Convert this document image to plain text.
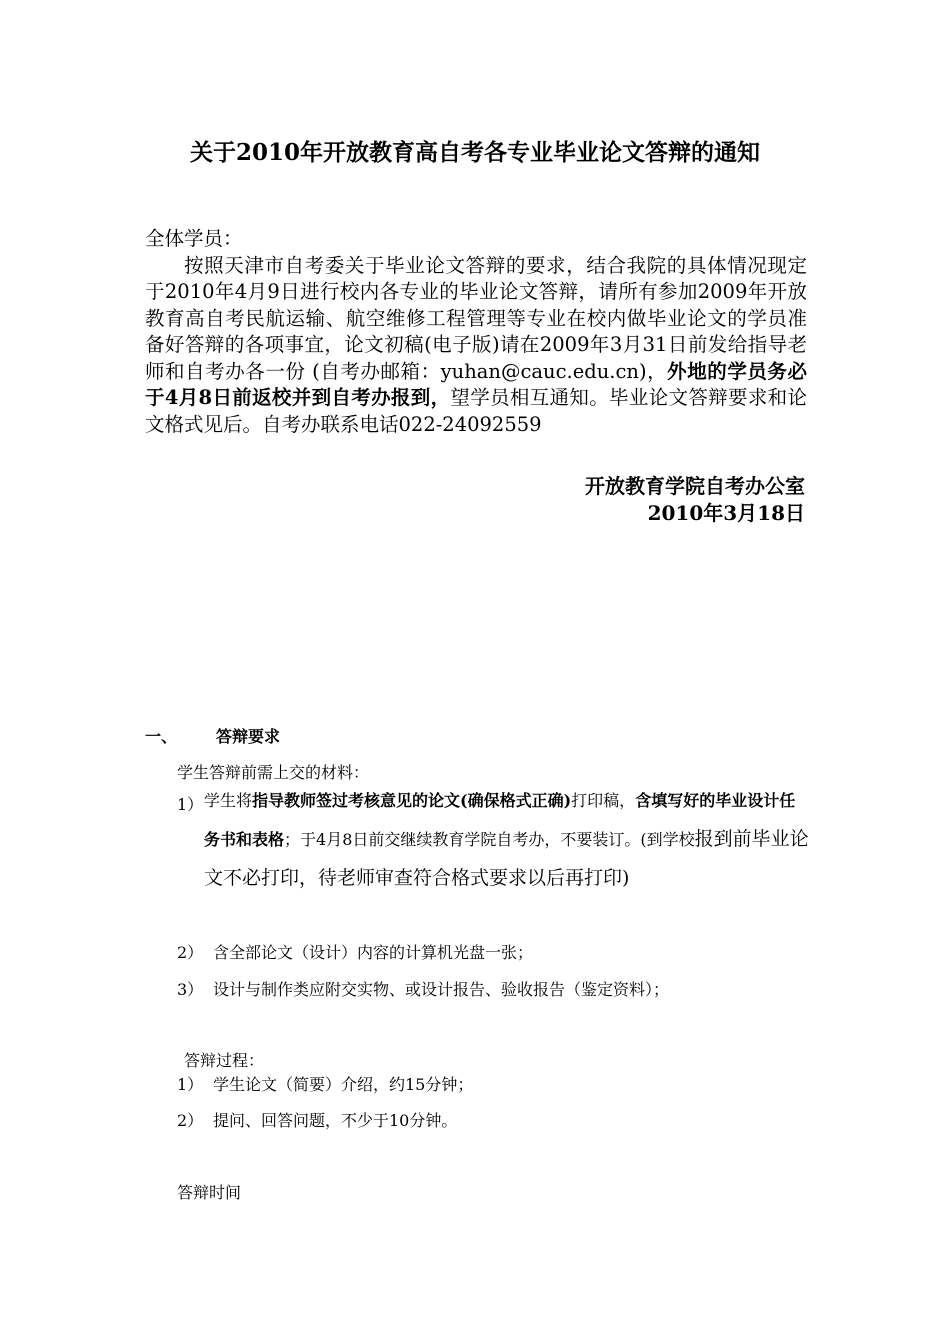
关于2010年开放教育高自考各专业毕业论文答辩的通知

全体学员：

按照天津市自考委关于毕业论文答辩的要求，结合我院的具体情况现定于2010年4月9日进行校内各专业的毕业论文答辩，请所有参加2009年开放教育高自考民航运输、航空维修工程管理等专业在校内做毕业论文的学员准备好答辩的各项事宜，论文初稿(电子版)请在2009年3月31日前发给指导老师和自考办各一份 (自考办邮箱：yuhan@cauc.edu.cn)，外地的学员务必于4月8日前返校并到自考办报到，望学员相互通知。毕业论文答辩要求和论文格式见后。自考办联系电话022-24092559

开放教育学院自考办公室
2010年3月18日
一、 答辩要求
学生答辩前需上交的材料：
1） 学生将指导教师签过考核意见的论文(确保格式正确)打印稿，含填写好的毕业设计任务书和表格；于4月8日前交继续教育学院自考办，不要装订。(到学校报到前毕业论文不必打印，待老师审查符合格式要求以后再打印)
2） 含全部论文（设计）内容的计算机光盘一张；
3） 设计与制作类应附交实物、或设计报告、验收报告（鉴定资料）；
答辩过程：
1） 学生论文（简要）介绍，约15分钟；
2） 提问、回答问题，不少于10分钟。
答辩时间
